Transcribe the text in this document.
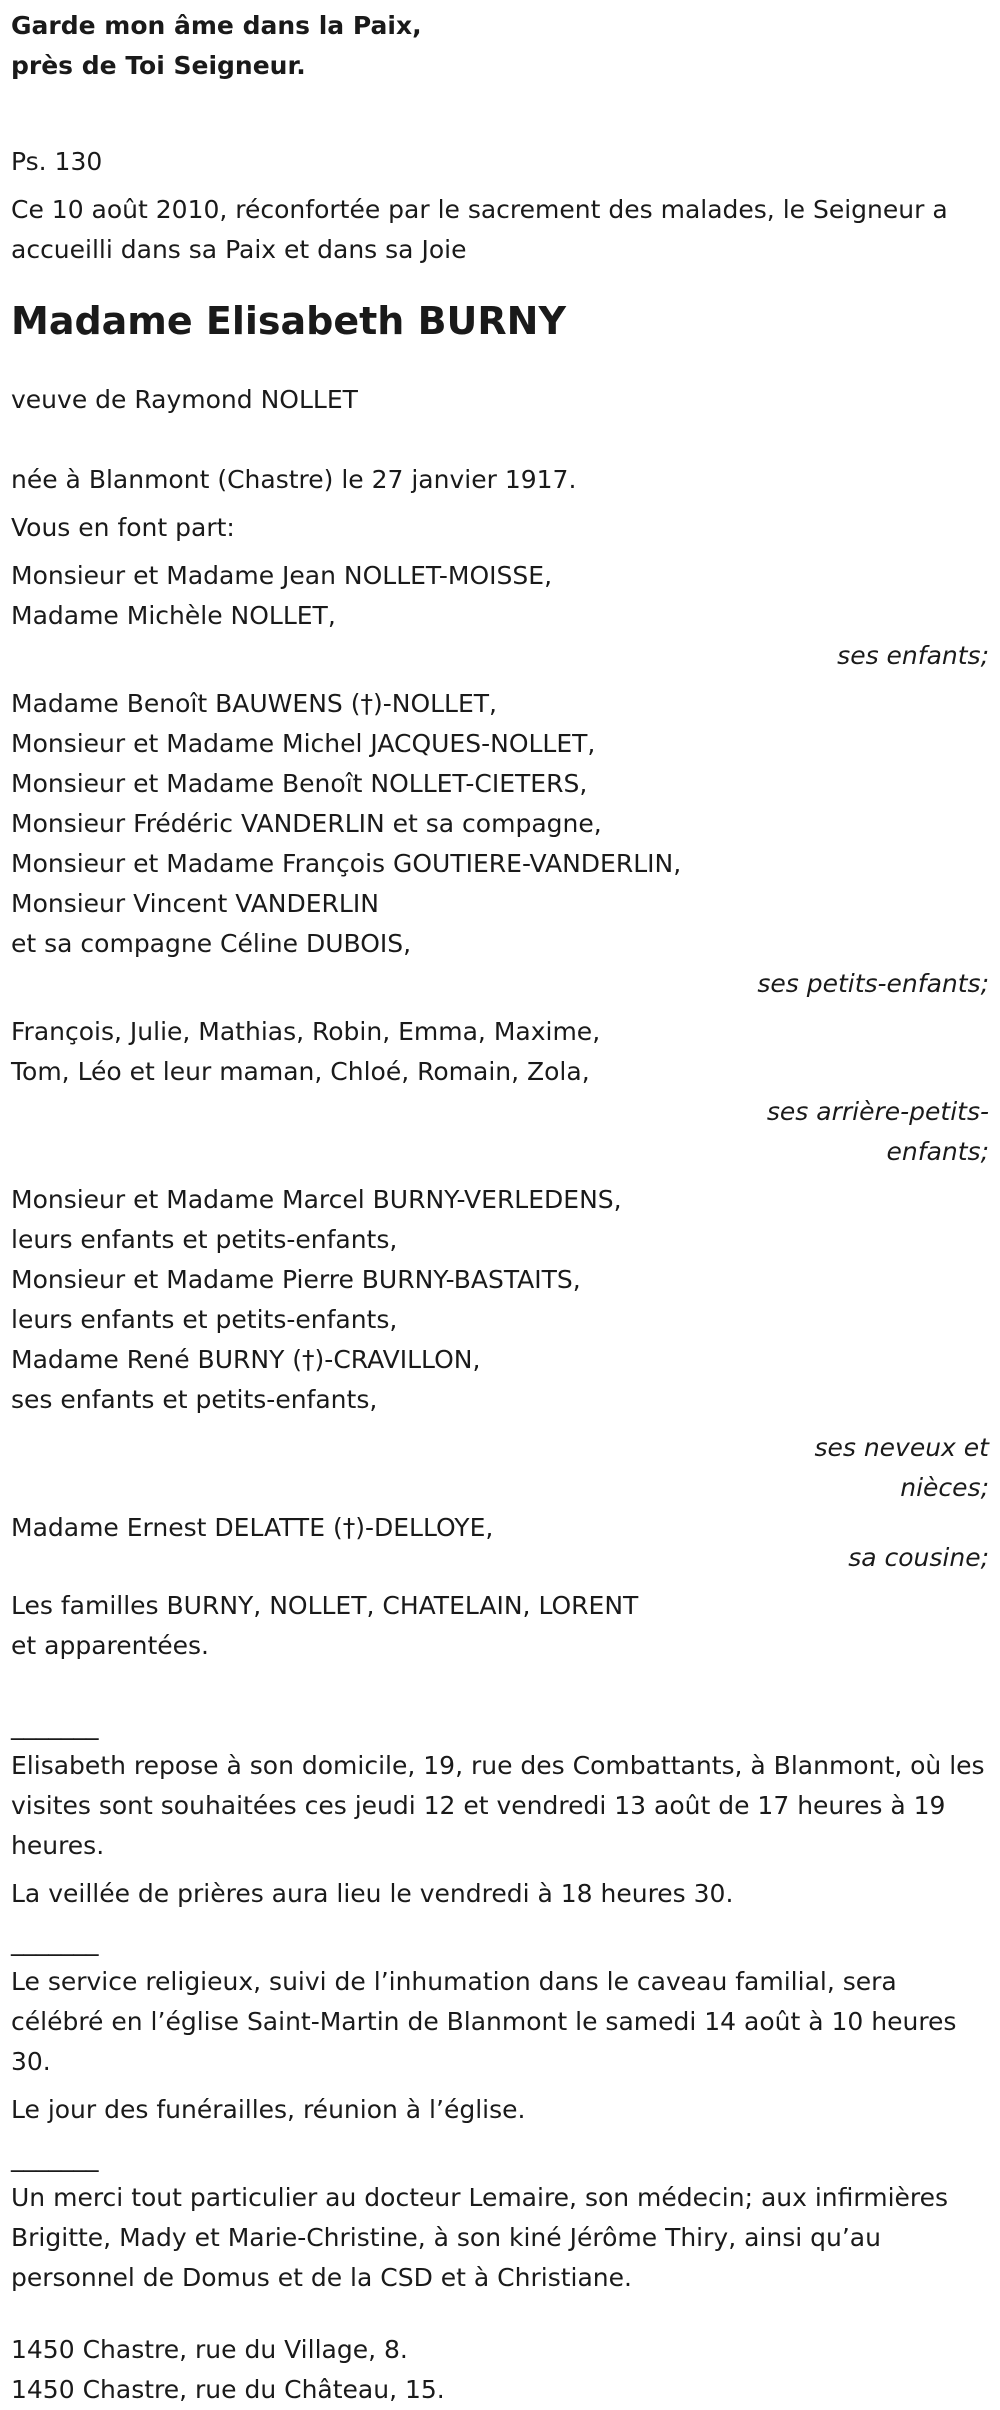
Garde mon âme dans la Paix,
près de Toi Seigneur.

Ps. 130

Ce 10 août 2010, réconfortée par le sacrement des malades, le Seigneur a accueilli dans sa Paix et dans sa Joie

Madame Elisabeth BURNY

veuve de Raymond NOLLET

née à Blanmont (Chastre) le 27 janvier 1917.

Vous en font part:

Monsieur et Madame Jean NOLLET-MOISSE,
Madame Michèle NOLLET,
ses enfants;
Madame Benoît BAUWENS (†)-NOLLET,
Monsieur et Madame Michel JACQUES-NOLLET,
Monsieur et Madame Benoît NOLLET-CIETERS,
Monsieur Frédéric VANDERLIN et sa compagne,
Monsieur et Madame François GOUTIERE-VANDERLIN,
Monsieur Vincent VANDERLIN
et sa compagne Céline DUBOIS,
ses petits-enfants;
François, Julie, Mathias, Robin, Emma, Maxime,
Tom, Léo et leur maman, Chloé, Romain, Zola,
ses arrière-petits-
enfants;
Monsieur et Madame Marcel BURNY-VERLEDENS,
leurs enfants et petits-enfants,
Monsieur et Madame Pierre BURNY-BASTAITS,
leurs enfants et petits-enfants,
Madame René BURNY (†)-CRAVILLON,
ses enfants et petits-enfants,
ses neveux et
nièces;
Madame Ernest DELATTE (†)-DELLOYE,
sa cousine;
Les familles BURNY, NOLLET, CHATELAIN, LORENT
et apparentées.

_______

Elisabeth repose à son domicile, 19, rue des Combattants, à Blanmont, où les visites sont souhaitées ces jeudi 12 et vendredi 13 août de 17 heures à 19 heures.

La veillée de prières aura lieu le vendredi à 18 heures 30.

_______

Le service religieux, suivi de l’inhumation dans le caveau familial, sera célébré en l’église Saint-Martin de Blanmont le samedi 14 août à 10 heures 30.

Le jour des funérailles, réunion à l’église.

_______

Un merci tout particulier au docteur Lemaire, son médecin; aux infirmières Brigitte, Mady et Marie-Christine, à son kiné Jérôme Thiry, ainsi qu’au personnel de Domus et de la CSD et à Christiane.

1450 Chastre, rue du Village, 8.
1450 Chastre, rue du Château, 15.
